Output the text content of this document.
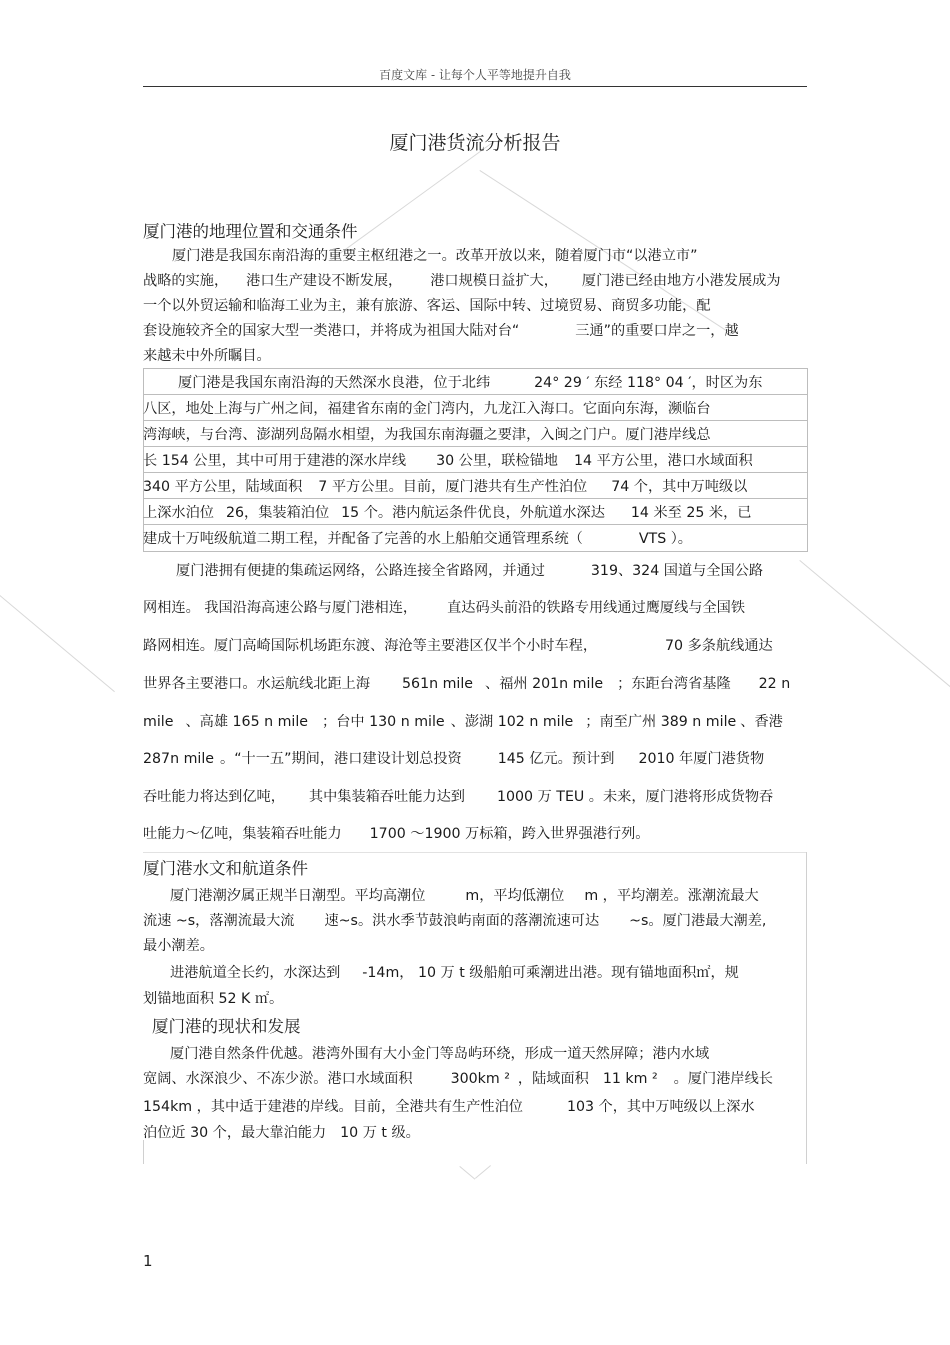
百度文库 - 让每个人平等地提升自我
厦门港货流分析报告
厦门港的地理位置和交通条件
厦门港是我国东南沿海的重要主枢纽港之一。改革开放以来，随着厦门市“以港立市”
战略的实施， 港口生产建设不断发展， 港口规模日益扩大， 厦门港已经由地方小港发展成为
一个以外贸运输和临海工业为主，兼有旅游、客运、国际中转、过境贸易、商贸多功能，配
套设施较齐全的国家大型一类港口，并将成为祖国大陆对台“	三通”的重要口岸之一，越
来越未中外所瞩目。
厦门港是我国东南沿海的天然深水良港，位于北纬	24° 29 ′ 东经 118° 04 ′，时区为东
八区，地处上海与广州之间，福建省东南的金门湾内，九龙江入海口。它面向东海，濒临台
湾海峡，与台湾、澎湖列岛隔水相望，为我国东南海疆之要津，入闽之门户。厦门港岸线总
长 154 公里，其中可用于建港的深水岸线 30 公里，联检锚地 14 平方公里，港口水域面积
340 平方公里，陆域面积 7 平方公里。目前，厦门港共有生产性泊位 74 个，其中万吨级以
上深水泊位 26，集装箱泊位 15 个。港内航运条件优良，外航道水深达 14 米至 25 米，已
建成十万吨级航道二期工程，并配备了完善的水上船舶交通管理系统（	VTS ）。
厦门港拥有便捷的集疏运网络，公路连接全省路网，并通过	319、324 国道与全国公路
网相连。 我国沿海高速公路与厦门港相连， 直达码头前沿的铁路专用线通过鹰厦线与全国铁
路网相连。厦门高崎国际机场距东渡、海沧等主要港区仅半个小时车程，	70 多条航线通达
世界各主要港口。水运航线北距上海 561n mile 、福州 201n mile ；东距台湾省基隆 22 n
mile 、高雄 165 n mile ；台中 130 n mile 、澎湖 102 n mile ；南至广州 389 n mile 、香港
287n mile 。“十一五”期间，港口建设计划总投资	145 亿元。预计到 2010 年厦门港货物
吞吐能力将达到亿吨， 其中集装箱吞吐能力达到 1000 万 TEU 。未来，厦门港将形成货物吞
吐能力～亿吨，集装箱吞吐能力 1700 ～1900 万标箱，跨入世界强港行列。
厦门港水文和航道条件
厦门港潮汐属正规半日潮型。平均高潮位	m，平均低潮位 m ，平均潮差。涨潮流最大
流速 ~s，落潮流最大流 速~s。洪水季节鼓浪屿南面的落潮流速可达 ~s。厦门港最大潮差,
最小潮差。
进港航道全长约，水深达到 -14m， 10 万 t 级船舶可乘潮进出港。现有锚地面积㎡，规
划锚地面积 52 K ㎡。
厦门港的现状和发展
厦门港自然条件优越。港湾外围有大小金门等岛屿环绕，形成一道天然屏障；港内水域
宽阔、水深浪少、不冻少淤。港口水域面积	300km ² ，陆域面积 11 km ² 。厦门港岸线长
154km ，其中适于建港的岸线。目前，全港共有生产性泊位	103 个，其中万吨级以上深水
泊位近 30 个，最大靠泊能力 10 万 t 级。
1
